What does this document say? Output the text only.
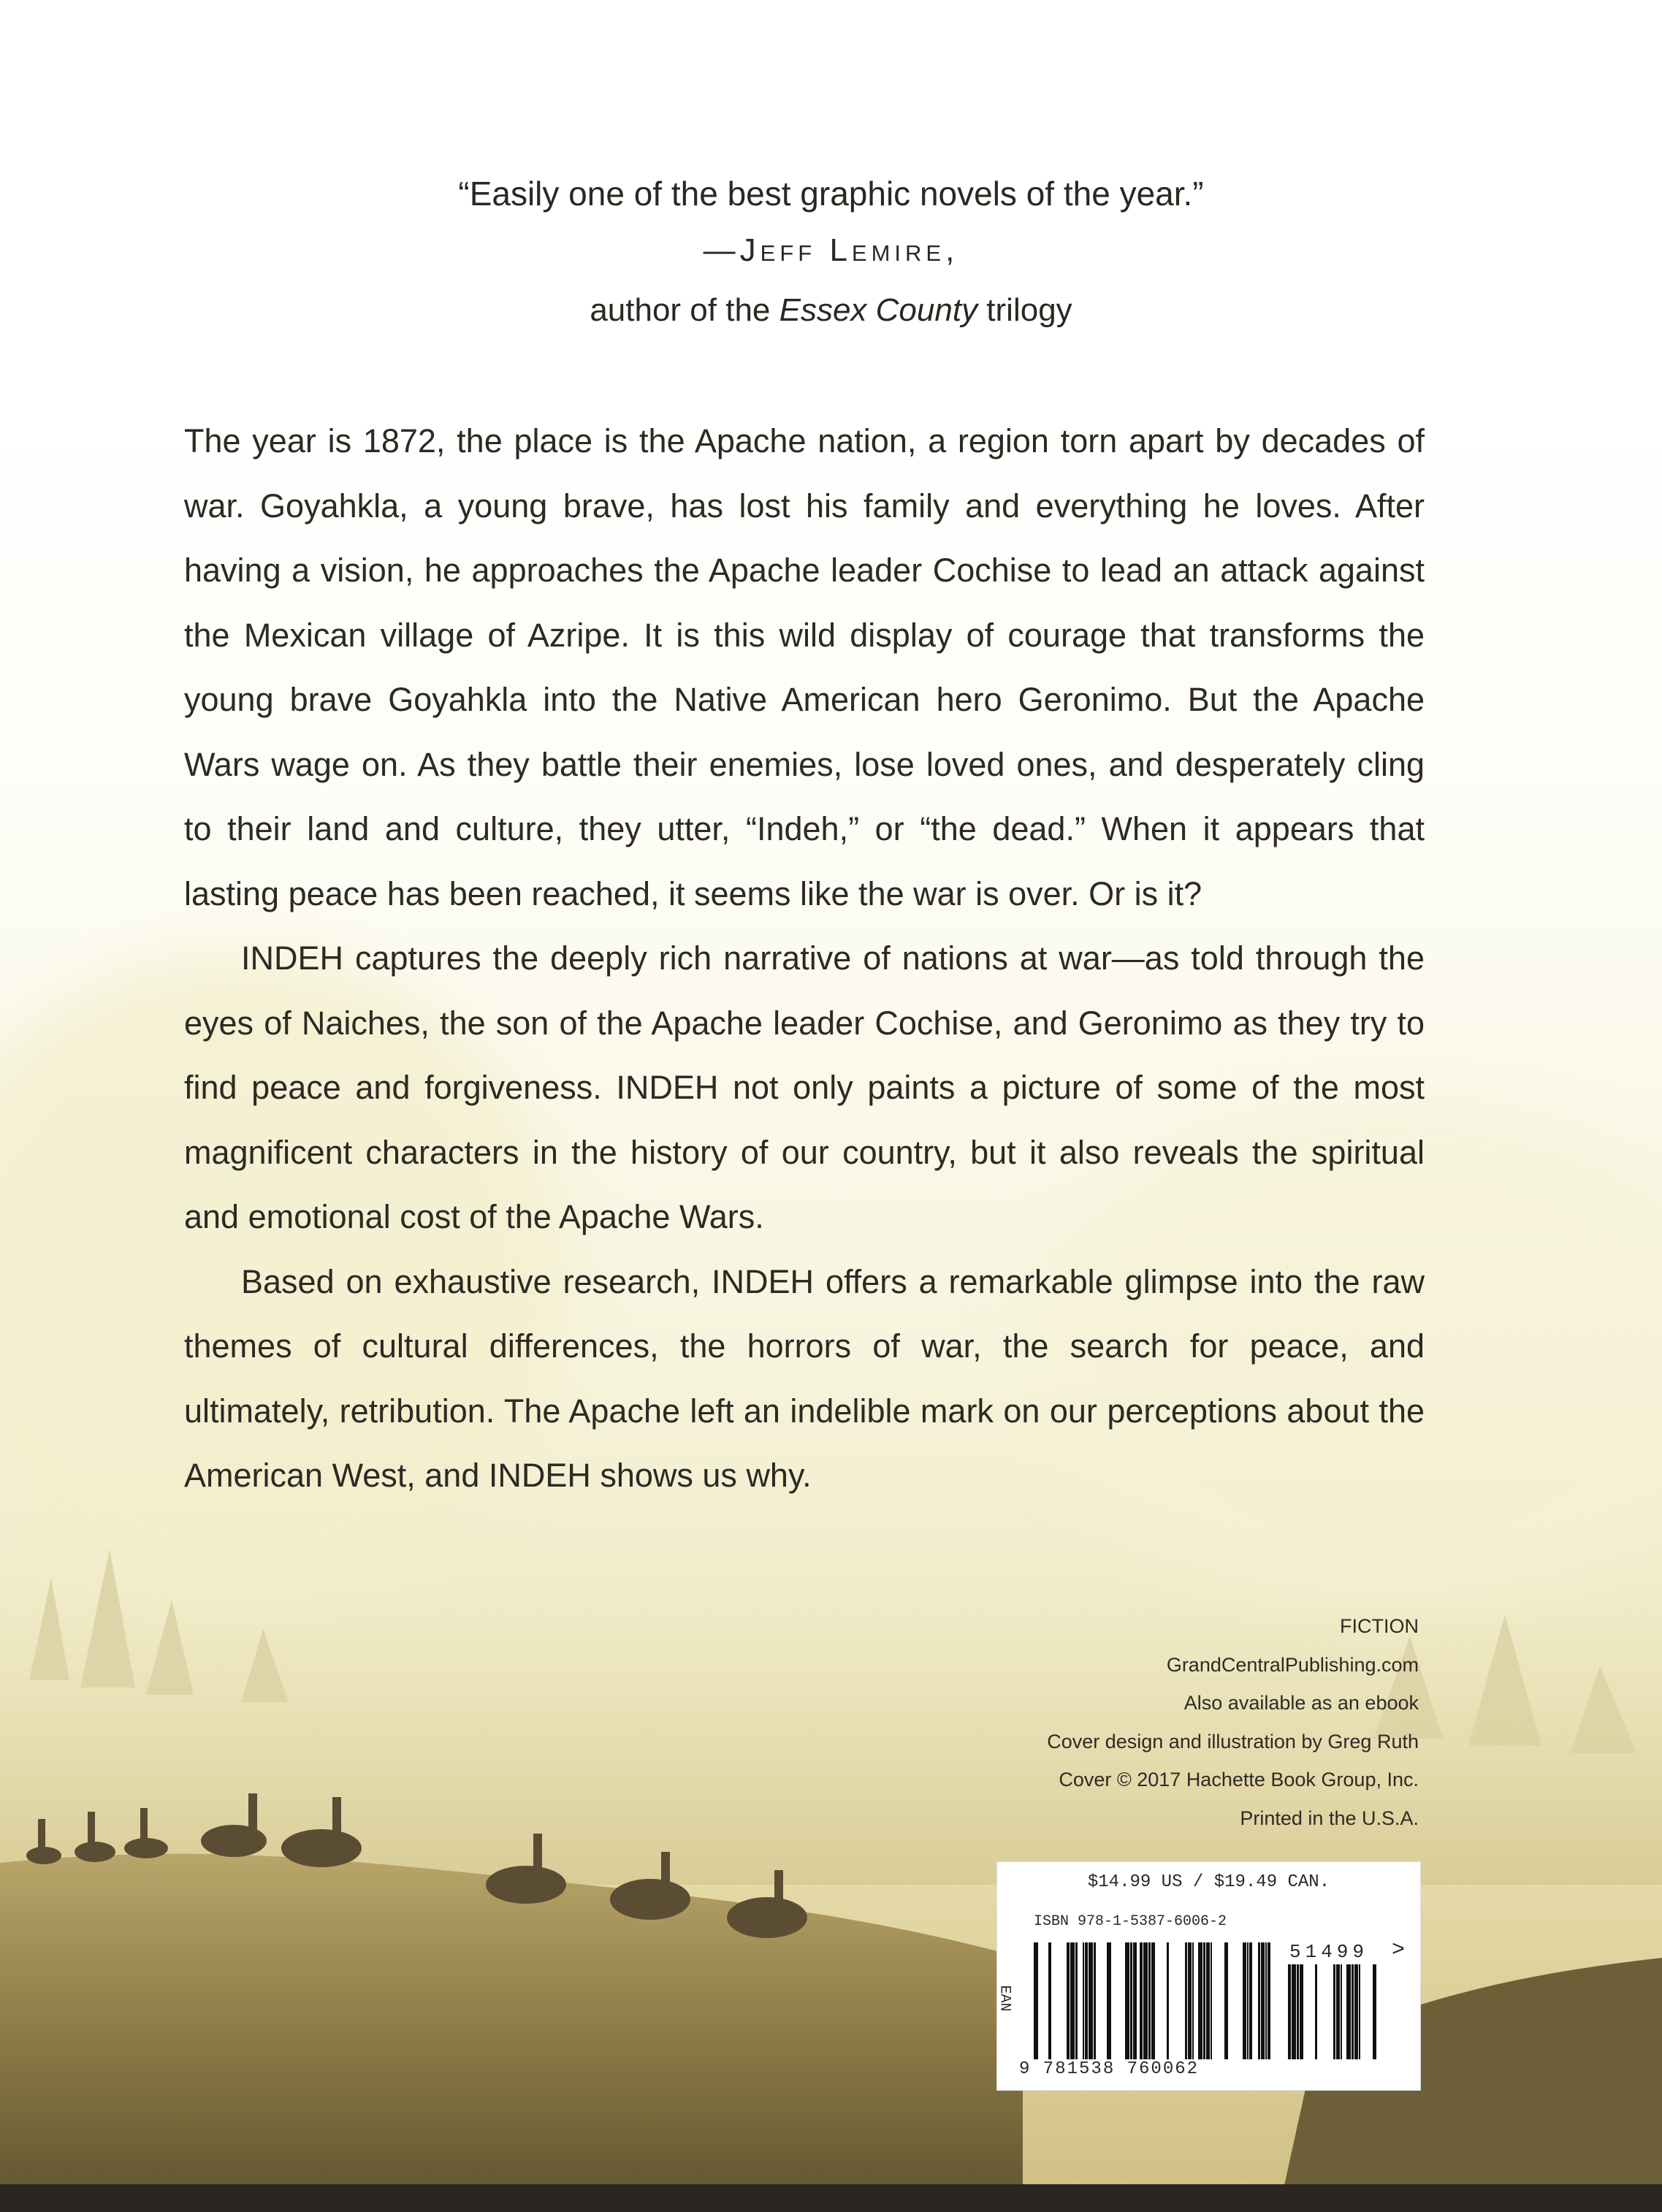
“Easily one of the best graphic novels of the year.”
—Jeff Lemire,
author of the Essex County trilogy

The year is 1872, the place is the Apache nation, a region torn apart by decades of war. Goyahkla, a young brave, has lost his family and everything he loves. After having a vision, he approaches the Apache leader Cochise to lead an attack against the Mexican village of Azripe. It is this wild display of courage that transforms the young brave Goyahkla into the Native American hero Geronimo. But the Apache Wars wage on. As they battle their enemies, lose loved ones, and desperately cling to their land and culture, they utter, “Indeh,” or “the dead.” When it appears that lasting peace has been reached, it seems like the war is over. Or is it?

INDEH captures the deeply rich narrative of nations at war—as told through the eyes of Naiches, the son of the Apache leader Cochise, and Geronimo as they try to find peace and forgiveness. INDEH not only paints a picture of some of the most magnificent characters in the history of our country, but it also reveals the spiritual and emotional cost of the Apache Wars.

Based on exhaustive research, INDEH offers a remarkable glimpse into the raw themes of cultural differences, the horrors of war, the search for peace, and ultimately, retribution. The Apache left an indelible mark on our perceptions about the American West, and INDEH shows us why.

FICTION
GrandCentralPublishing.com
Also available as an ebook
Cover design and illustration by Greg Ruth
Cover © 2017 Hachette Book Group, Inc.
Printed in the U.S.A.
$14.99 US / $19.49 CAN.
ISBN 978-1-5387-6006-2
EAN
9 781538 760062
51499 >
